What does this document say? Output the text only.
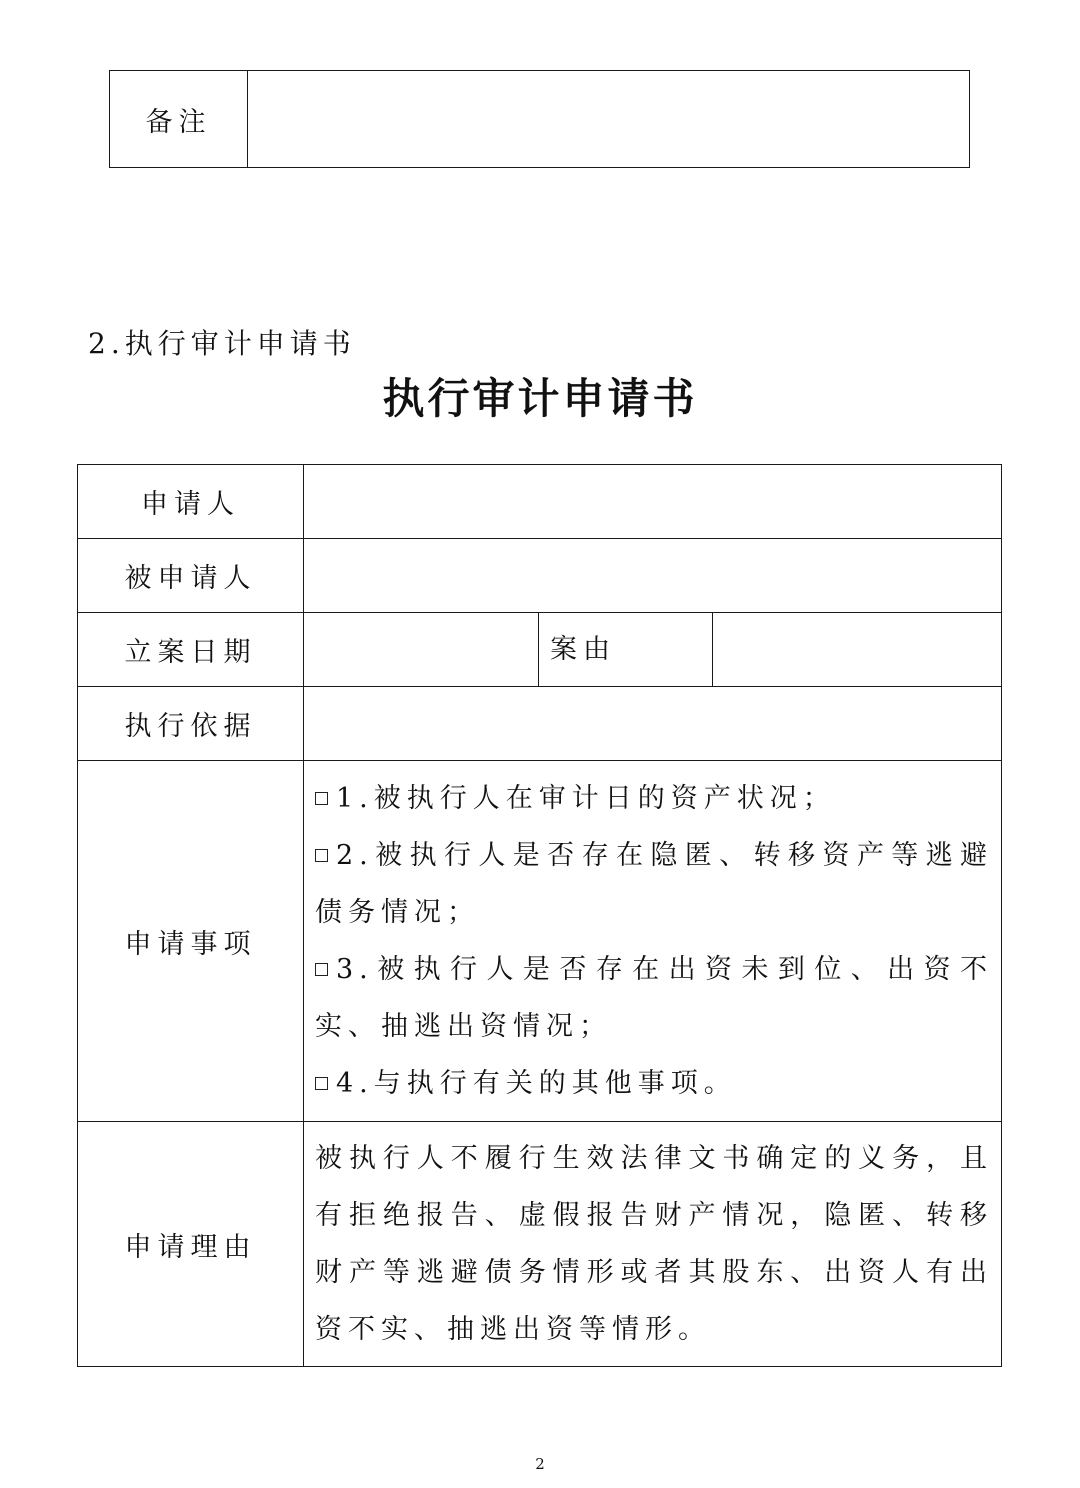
备注	
2.执行审计申请书
执行审计申请书
申请人			
被申请人			
立案日期		案由	
执行依据			
申请事项	1.被执行人在审计日的资产状况；
2.被执行人是否存在隐匿、转移资产等逃避债务情况；
3.被执行人是否存在出资未到位、出资不实、抽逃出资情况；
4.与执行有关的其他事项。		

申请理由	被执行人不履行生效法律文书确定的义务，且有拒绝报告、虚假报告财产情况，隐匿、转移财产等逃避债务情形或者其股东、出资人有出资不实、抽逃出资等情形。		
2
